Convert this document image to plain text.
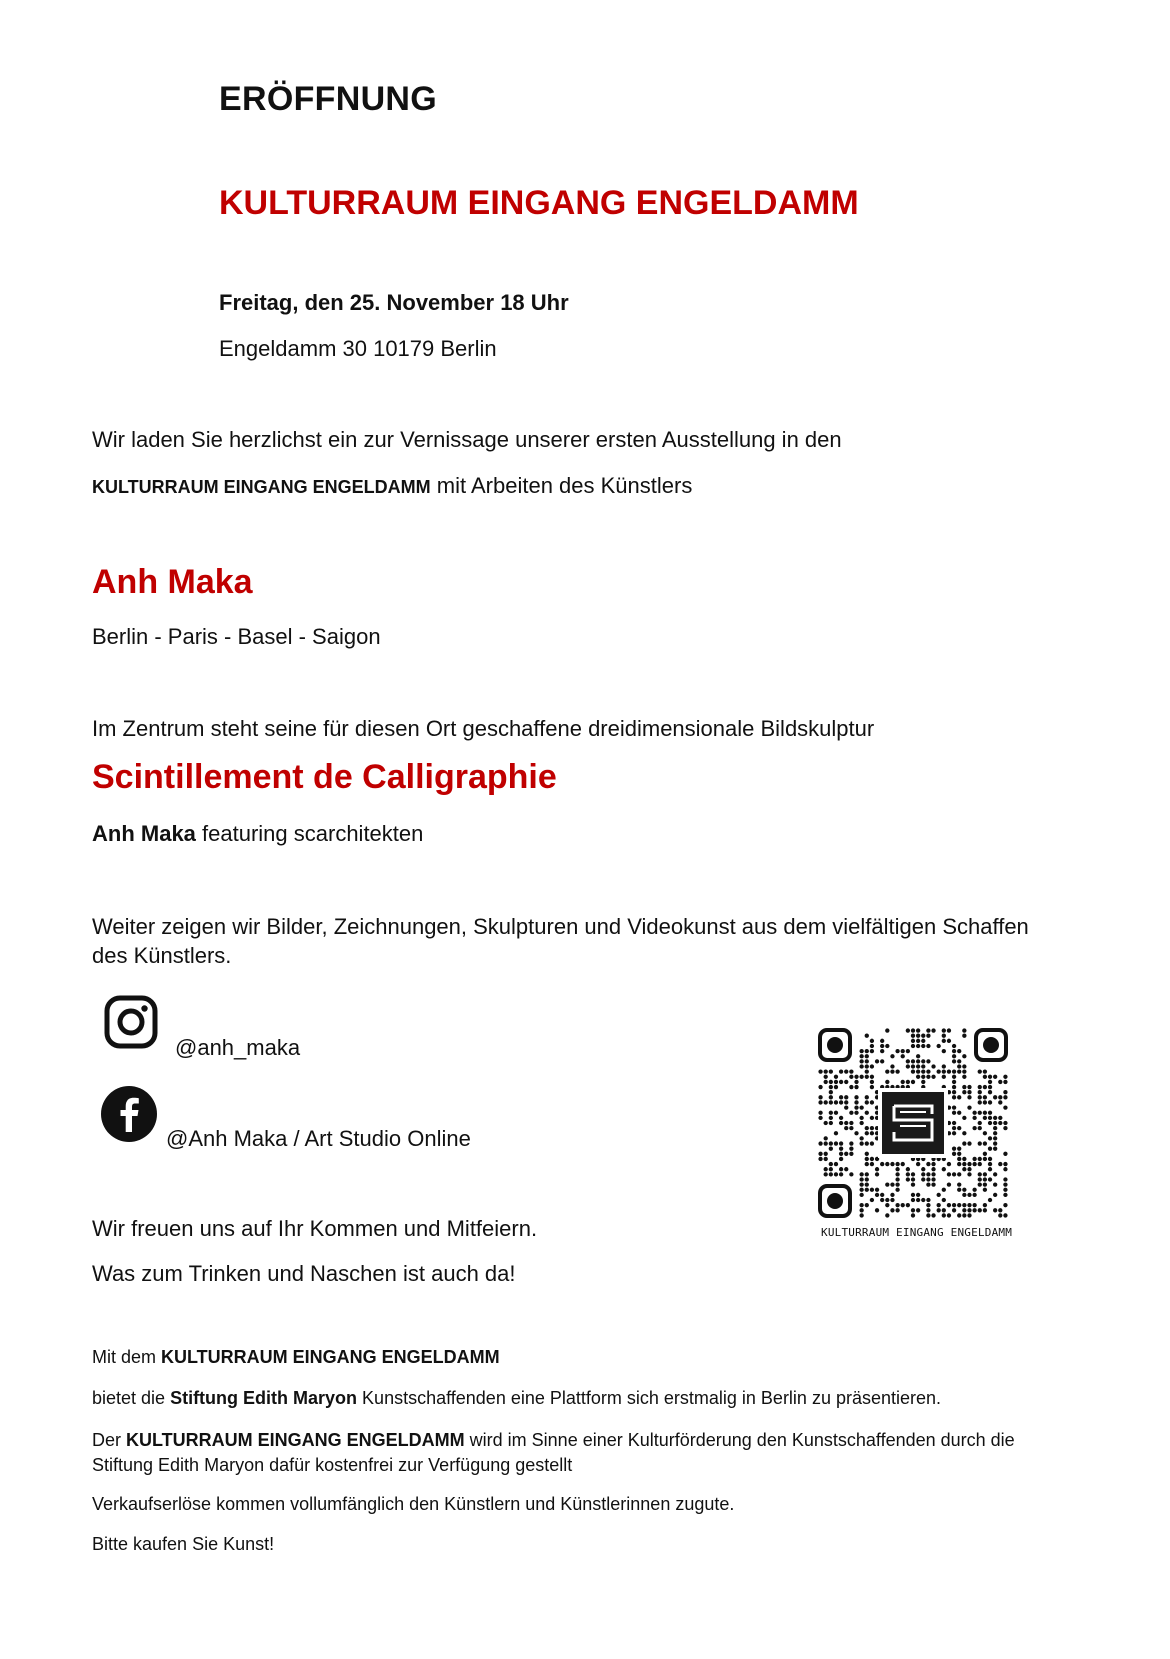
ERÖFFNUNG
KULTURRAUM EINGANG ENGELDAMM
Freitag, den 25. November 18 Uhr
Engeldamm 30 10179 Berlin
Wir laden Sie herzlichst ein zur Vernissage unserer ersten Ausstellung in den
KULTURRAUM EINGANG ENGELDAMM mit Arbeiten des Künstlers
Anh Maka
Berlin - Paris - Basel - Saigon
Im Zentrum steht seine für diesen Ort geschaffene dreidimensionale Bildskulptur
Scintillement de Calligraphie
Anh Maka featuring scarchitekten
Weiter zeigen wir Bilder, Zeichnungen, Skulpturen und Videokunst aus dem vielfältigen Schaffen des Künstlers.
@anh_maka
@Anh Maka / Art Studio Online
Wir freuen uns auf Ihr Kommen und Mitfeiern.
Was zum Trinken und Naschen ist auch da!
KULTURRAUM EINGANG ENGELDAMM
Mit dem KULTURRAUM EINGANG ENGELDAMM
bietet die Stiftung Edith Maryon Kunstschaffenden eine Plattform sich erstmalig in Berlin zu präsentieren.
Der KULTURRAUM EINGANG ENGELDAMM wird im Sinne einer Kulturförderung den Kunstschaffenden durch die Stiftung Edith Maryon dafür kostenfrei zur Verfügung gestellt
Verkaufserlöse kommen vollumfänglich den Künstlern und Künstlerinnen zugute.
Bitte kaufen Sie Kunst!
